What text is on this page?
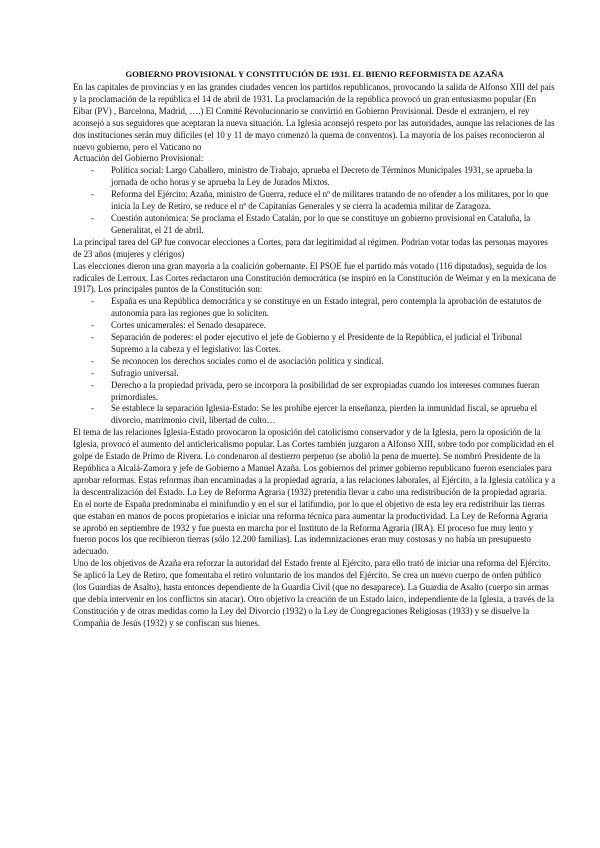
GOBIERNO PROVISIONAL Y CONSTITUCIÓN DE 1931. EL BIENIO REFORMISTA DE AZAÑA

En las capitales de provincias y en las grandes ciudades vencen los partidos republicanos, provocando la salida de Alfonso XIII del país y la proclamación de la república el 14 de abril de 1931. La proclamación de la república provocó un gran entusiasmo popular (En Eibar (PV) , Barcelona, Madrid, ….) El Comité Revolucionario se convirtió en Gobierno Provisional. Desde el extranjero, el rey aconsejó a sus seguidores que aceptaran la nueva situación. La Iglesia aconsejó respeto por las autoridades, aunque las relaciones de las dos instituciones serán muy difíciles (el 10 y 11 de mayo comenzó la quema de conventos). La mayoría de los países reconocieron al nuevo gobierno, pero el Vaticano no

Actuación del Gobierno Provisional:

- Política social: Largo Caballero, ministro de Trabajo, aprueba el Decreto de Términos Municipales 1931, se aprueba la jornada de ocho horas y se aprueba la Ley de Jurados Mixtos.
- Reforma del Ejército: Azaña, ministro de Guerra, reduce el nº de militares tratando de no ofender a los militares, por lo que inicia la Ley de Retiro, se reduce el nº de Capitanías Generales y se cierra la academia militar de Zaragoza.
- Cuestión autonómica: Se proclama el Estado Catalán, por lo que se constituye un gobierno provisional en Cataluña, la Generalitat, el 21 de abril.

La principal tarea del GP fue convocar elecciones a Cortes, para dar legitimidad al régimen. Podrían votar todas las personas mayores de 23 años (mujeres y clérigos)

Las elecciones dieron una gran mayoría a la coalición gobernante. El PSOE fue el partido más votado (116 diputados), seguida de los radicales de Lerroux. Las Cortes redactaron una Constitución democrática (se inspiró en la Constitución de Weimar y en la mexicana de 1917). Los principales puntos de la Constitución son:

- España es una República democrática y se constituye en un Estado integral, pero contempla la aprobación de estatutos de autonomía para las regiones que lo soliciten.
- Cortes unicamerales: el Senado desaparece.
- Separación de poderes: el poder ejecutivo el jefe de Gobierno y el Presidente de la República, el judicial el Tribunal Supremo a la cabeza y el legislativo: las Cortes.
- Se reconocen los derechos sociales como el de asociación política y sindical.
- Sufragio universal.
- Derecho a la propiedad privada, pero se incorpora la posibilidad de ser expropiadas cuando los intereses comunes fueran primordiales.
- Se establece la separación Iglesia-Estado: Se les prohíbe ejercer la enseñanza, pierden la inmunidad fiscal, se aprueba el divorcio, matrimonio civil, libertad de culto…

El tema de las relaciones Iglesia-Estado provocaron la oposición del catolicismo conservador y de la Iglesia, pero la oposición de la Iglesia, provocó el aumento del anticlericalismo popular. Las Cortes también juzgaron a Alfonso XIII, sobre todo por complicidad en el golpe de Estado de Primo de Rivera. Lo condenaron al destierro perpetuo (se abolió la pena de muerte). Se nombró Presidente de la República a Alcalá-Zamora y jefe de Gobierno a Manuel Azaña. Los gobiernos del primer gobierno republicano fueron esenciales para aprobar reformas. Estas reformas iban encaminadas a la propiedad agraria, a las relaciones laborales, al Ejército, a la Iglesia católica y a la descentralización del Estado. La Ley de Reforma Agraria (1932) pretendía llevar a cabo una redistribución de la propiedad agraria.

En el norte de España predominaba el minifundio y en el sur el latifundio, por lo que el objetivo de esta ley era redistribuir las tierras que estaban en manos de pocos propietarios e iniciar una reforma técnica para aumentar la productividad. La Ley de Reforma Agraria se aprobó en septiembre de 1932 y fue puesta en marcha por el Instituto de la Reforma Agraria (IRA). El proceso fue muy lento y fueron pocos los que recibieron tierras (sólo 12.200 familias). Las indemnizaciones eran muy costosas y no había un presupuesto adecuado.

Uno de los objetivos de Azaña era reforzar la autoridad del Estado frente al Ejército, para ello trató de iniciar una reforma del Ejército. Se aplicó la Ley de Retiro, que fomentaba el retiro voluntario de los mandos del Ejército. Se crea un nuevo cuerpo de orden público (los Guardias de Asalto), hasta entonces dependiente de la Guardia Civil (que no desaparece). La Guardia de Asalto (cuerpo sin armas que debía intervenir en los conflictos sin atacar). Otro objetivo la creación de un Estado laico, independiente de la Iglesia, a través de la Constitución y de otras medidas como la Ley del Divorcio (1932) o la Ley de Congregaciones Religiosas (1933) y se disuelve la Compañía de Jesús (1932) y se confiscan sus bienes.
